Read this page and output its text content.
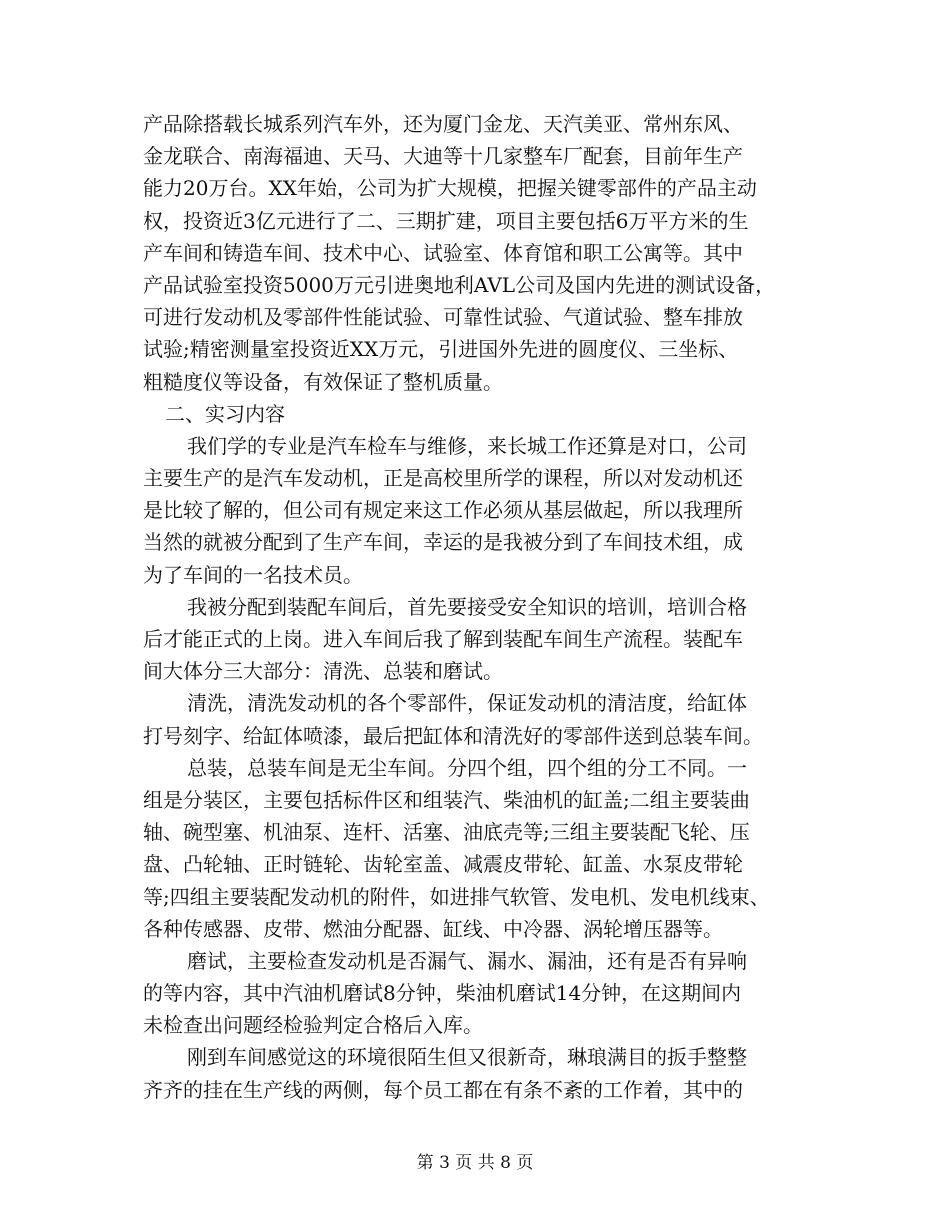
产品除搭载长城系列汽车外，还为厦门金龙、天汽美亚、常州东风、
金龙联合、南海福迪、天马、大迪等十几家整车厂配套，目前年生产
能力20万台。XX年始，公司为扩大规模，把握关键零部件的产品主动
权，投资近3亿元进行了二、三期扩建，项目主要包括6万平方米的生
产车间和铸造车间、技术中心、试验室、体育馆和职工公寓等。其中
产品试验室投资5000万元引进奥地利AVL公司及国内先进的测试设备，
可进行发动机及零部件性能试验、可靠性试验、气道试验、整车排放
试验;精密测量室投资近XX万元，引进国外先进的圆度仪、三坐标、
粗糙度仪等设备，有效保证了整机质量。
二、实习内容
我们学的专业是汽车检车与维修，来长城工作还算是对口，公司
主要生产的是汽车发动机，正是高校里所学的课程，所以对发动机还
是比较了解的，但公司有规定来这工作必须从基层做起，所以我理所
当然的就被分配到了生产车间，幸运的是我被分到了车间技术组，成
为了车间的一名技术员。
我被分配到装配车间后，首先要接受安全知识的培训，培训合格
后才能正式的上岗。进入车间后我了解到装配车间生产流程。装配车
间大体分三大部分：清洗、总装和磨试。
清洗，清洗发动机的各个零部件，保证发动机的清洁度，给缸体
打号刻字、给缸体喷漆，最后把缸体和清洗好的零部件送到总装车间。
总装，总装车间是无尘车间。分四个组，四个组的分工不同。一
组是分装区，主要包括标件区和组装汽、柴油机的缸盖;二组主要装曲
轴、碗型塞、机油泵、连杆、活塞、油底壳等;三组主要装配飞轮、压
盘、凸轮轴、正时链轮、齿轮室盖、减震皮带轮、缸盖、水泵皮带轮
等;四组主要装配发动机的附件，如进排气软管、发电机、发电机线束、
各种传感器、皮带、燃油分配器、缸线、中冷器、涡轮增压器等。
磨试，主要检查发动机是否漏气、漏水、漏油，还有是否有异响
的等内容，其中汽油机磨试8分钟，柴油机磨试14分钟，在这期间内
未检查出问题经检验判定合格后入库。
刚到车间感觉这的环境很陌生但又很新奇，琳琅满目的扳手整整
齐齐的挂在生产线的两侧，每个员工都在有条不紊的工作着，其中的
第 3 页 共 8 页
